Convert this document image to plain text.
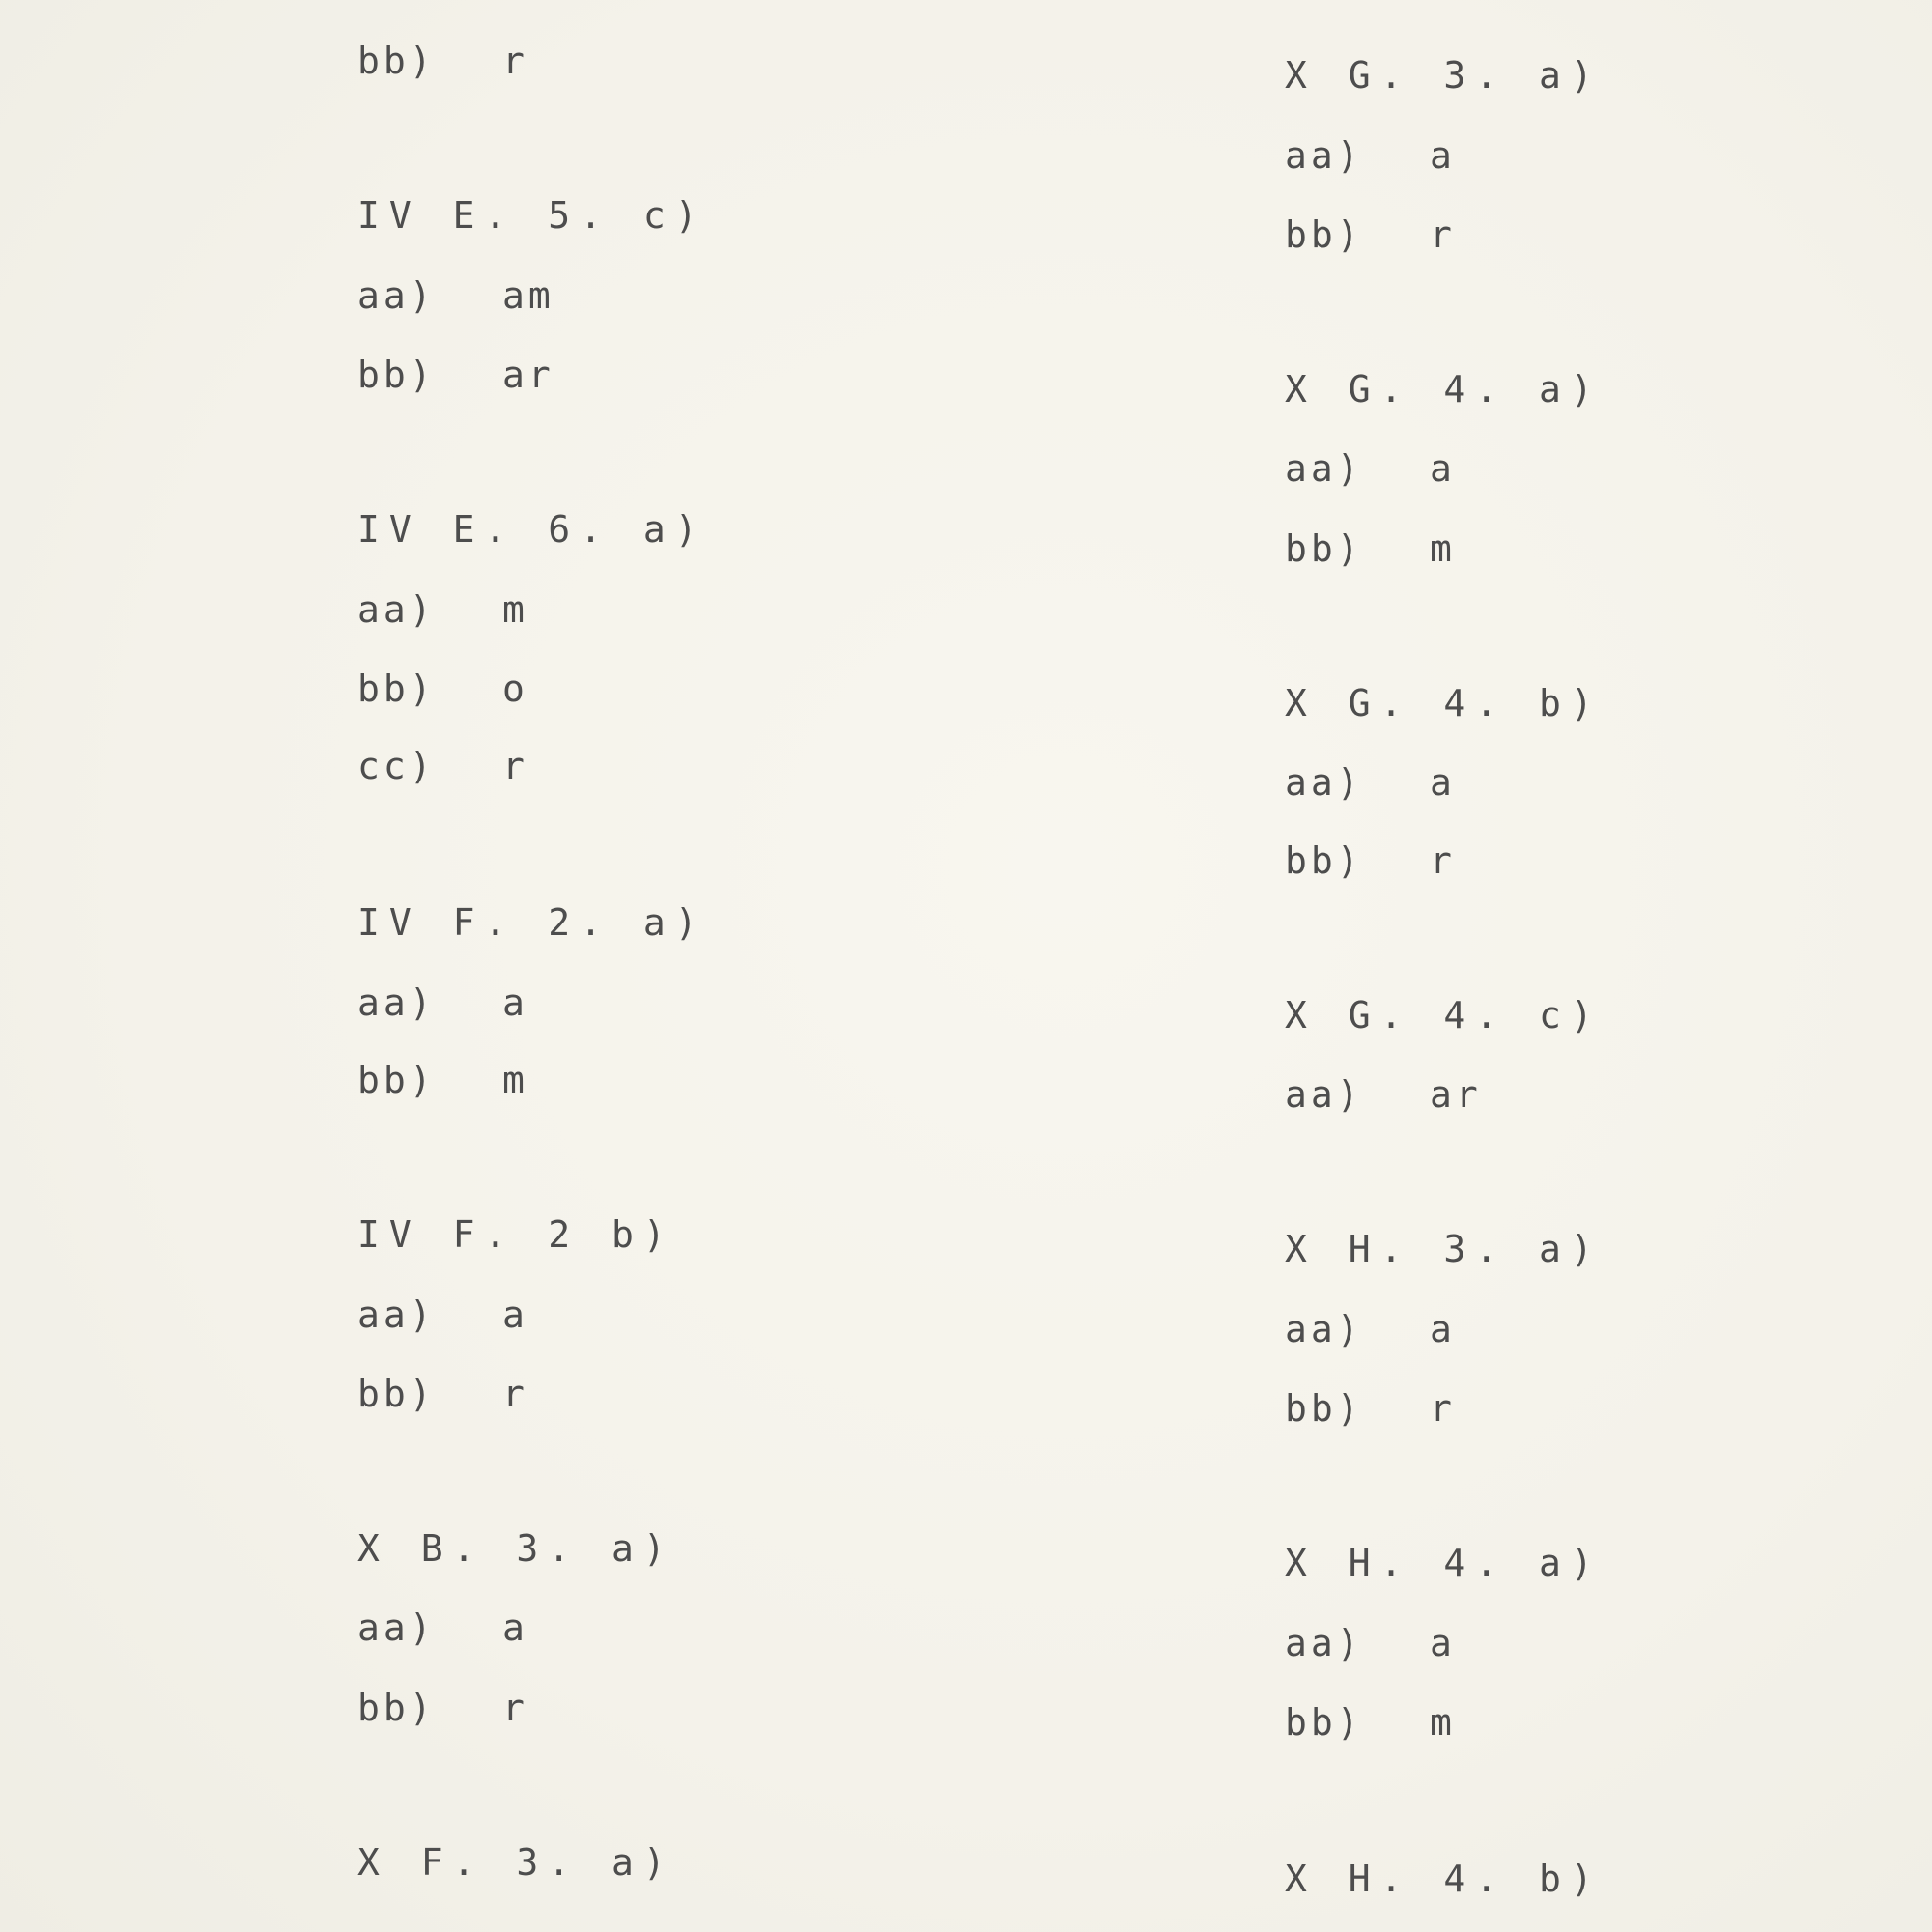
bb) r
IV E. 5. c)
aa) am
bb) ar
IV E. 6. a)
aa) m
bb) o
cc) r
IV F. 2. a)
aa) a
bb) m
IV F. 2 b)
aa) a
bb) r
X B. 3. a)
aa) a
bb) r
X F. 3. a)
X G. 3. a)
aa) a
bb) r
X G. 4. a)
aa) a
bb) m
X G. 4. b)
aa) a
bb) r
X G. 4. c)
aa) ar
X H. 3. a)
aa) a
bb) r
X H. 4. a)
aa) a
bb) m
X H. 4. b)
